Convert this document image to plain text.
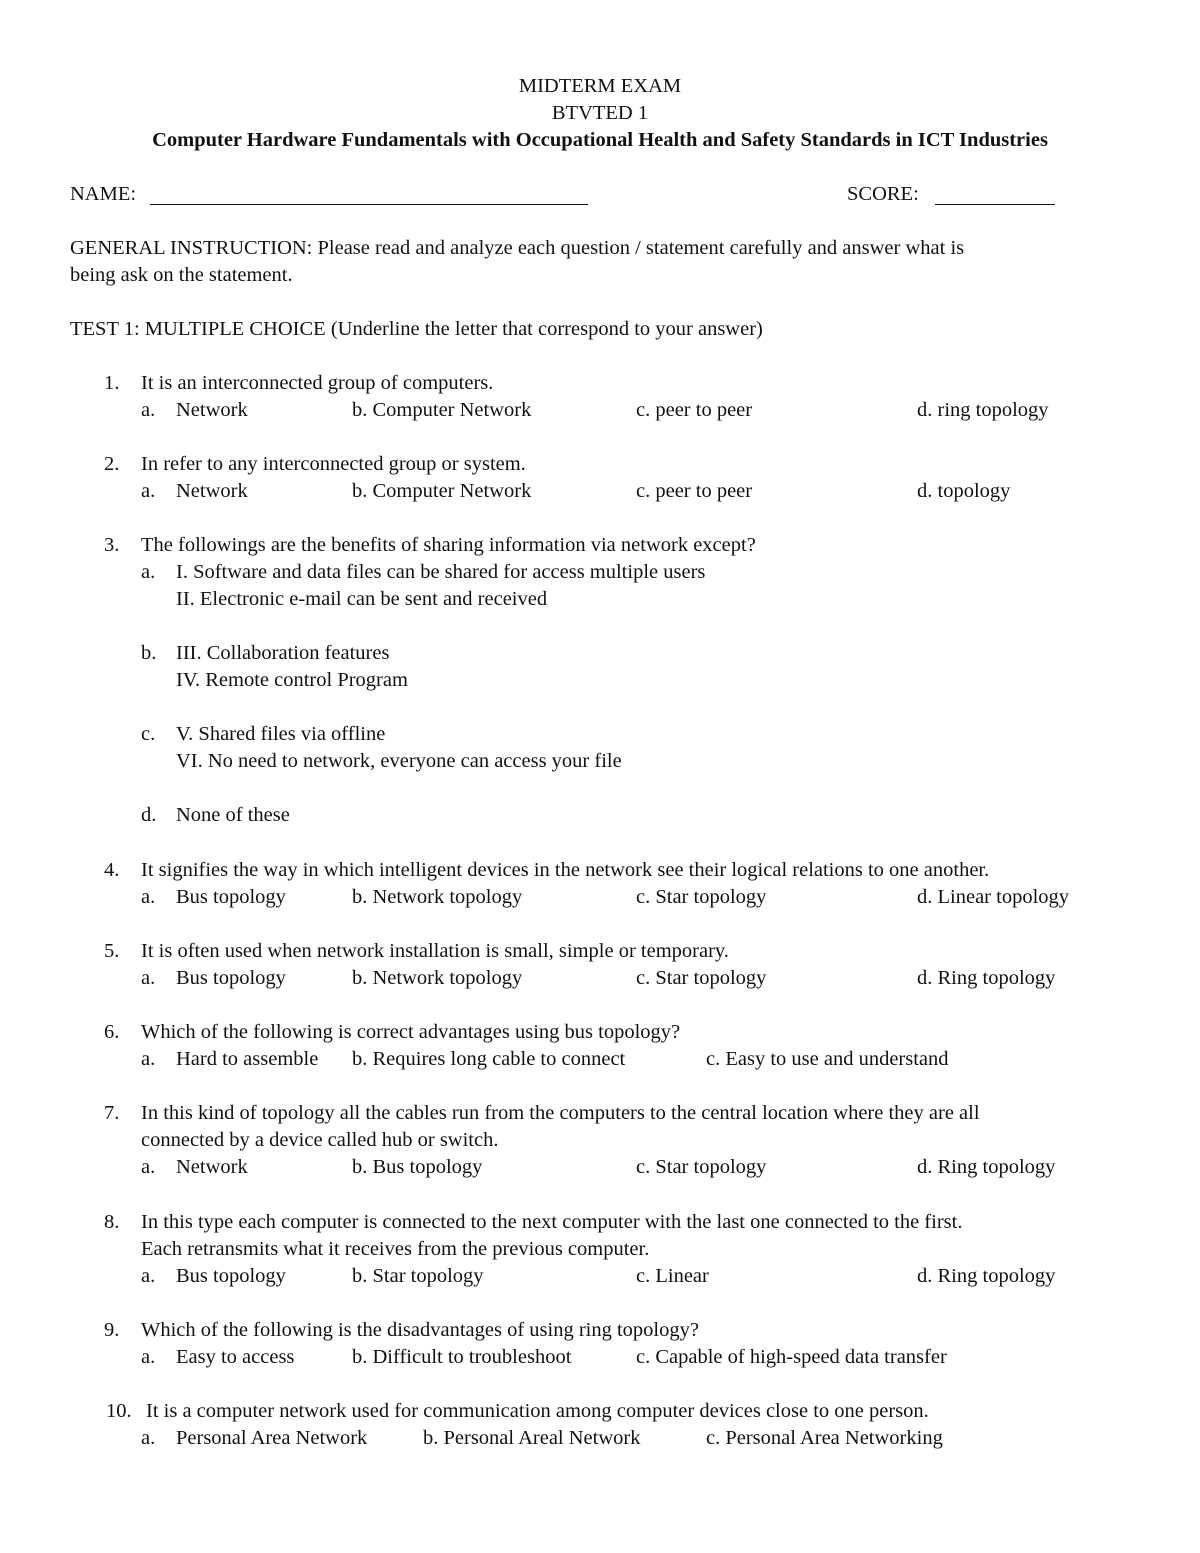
MIDTERM EXAM
BTVTED 1
Computer Hardware Fundamentals with Occupational Health and Safety Standards in ICT Industries
NAME:	SCORE:
GENERAL INSTRUCTION: Please read and analyze each question / statement carefully and answer what is
being ask on the statement.
TEST 1: MULTIPLE CHOICE (Underline the letter that correspond to your answer)
1. It is an interconnected group of computers.
a. Network	b. Computer Network	c. peer to peer	d. ring topology
2. In refer to any interconnected group or system.
a. Network	b. Computer Network	c. peer to peer	d. topology
3. The followings are the benefits of sharing information via network except?
a. I. Software and data files can be shared for access multiple users
II. Electronic e-mail can be sent and received
b. III. Collaboration features
IV. Remote control Program
c. V. Shared files via offline
VI. No need to network, everyone can access your file
d. None of these
4. It signifies the way in which intelligent devices in the network see their logical relations to one another.
a. Bus topology	b. Network topology	c. Star topology	d. Linear topology
5. It is often used when network installation is small, simple or temporary.
a. Bus topology	b. Network topology	c. Star topology	d. Ring topology
6. Which of the following is correct advantages using bus topology?
a. Hard to assemble b. Requires long cable to connect	c. Easy to use and understand
7. In this kind of topology all the cables run from the computers to the central location where they are all
connected by a device called hub or switch.
a. Network	b. Bus topology	c. Star topology	d. Ring topology
8. In this type each computer is connected to the next computer with the last one connected to the first.
Each retransmits what it receives from the previous computer.
a. Bus topology	b. Star topology	c. Linear	d. Ring topology
9. Which of the following is the disadvantages of using ring topology?
a. Easy to access	b. Difficult to troubleshoot	c. Capable of high-speed data transfer
10. It is a computer network used for communication among computer devices close to one person.
a. Personal Area Network	b. Personal Areal Network	c. Personal Area Networking
